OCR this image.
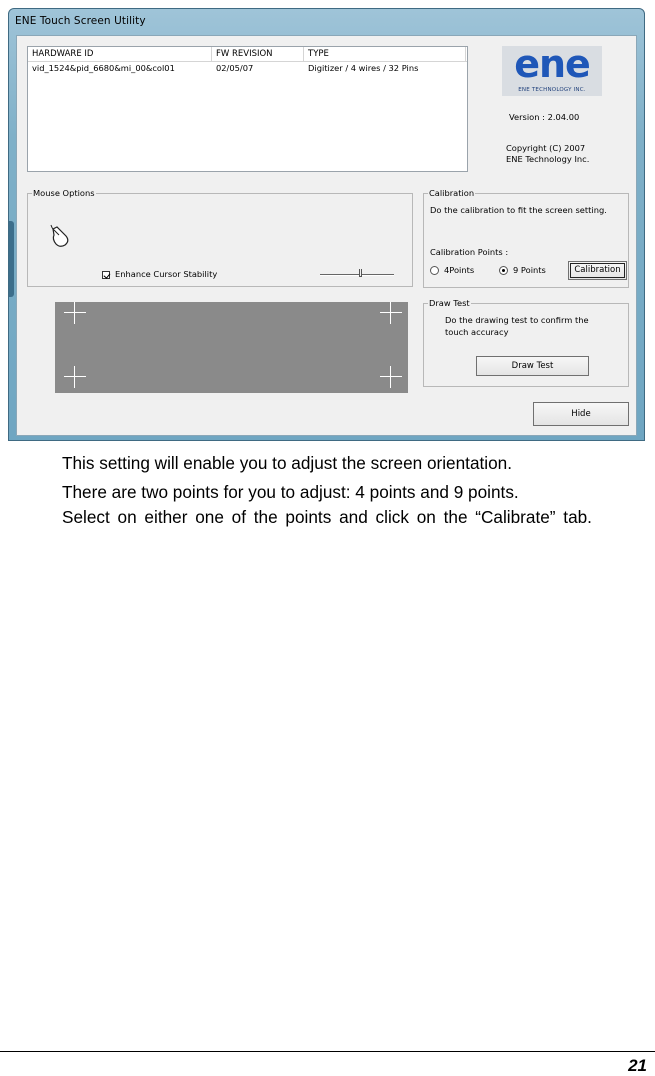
ENE Touch Screen Utility
HARDWARE ID	FW REVISION	TYPE
vid_1524&pid_6680&mi_00&col01	02/05/07	Digitizer / 4 wires / 32 Pins	ene
ENE TECHNOLOGY INC.
Version : 2.04.00
Copyright (C) 2007
ENE Technology Inc.
Mouse Options
Enhance Cursor Stability
Calibration
Do the calibration to fit the screen setting.
Calibration Points :
4Points	9 Points	Calibration
Draw Test
Do the drawing test to confirm the
touch accuracy
Draw Test
Hide
This setting will enable you to adjust the screen orientation.
There are two points for you to adjust: 4 points and 9 points.
Select on either one of the points and click on the “Calibrate” tab.
21
